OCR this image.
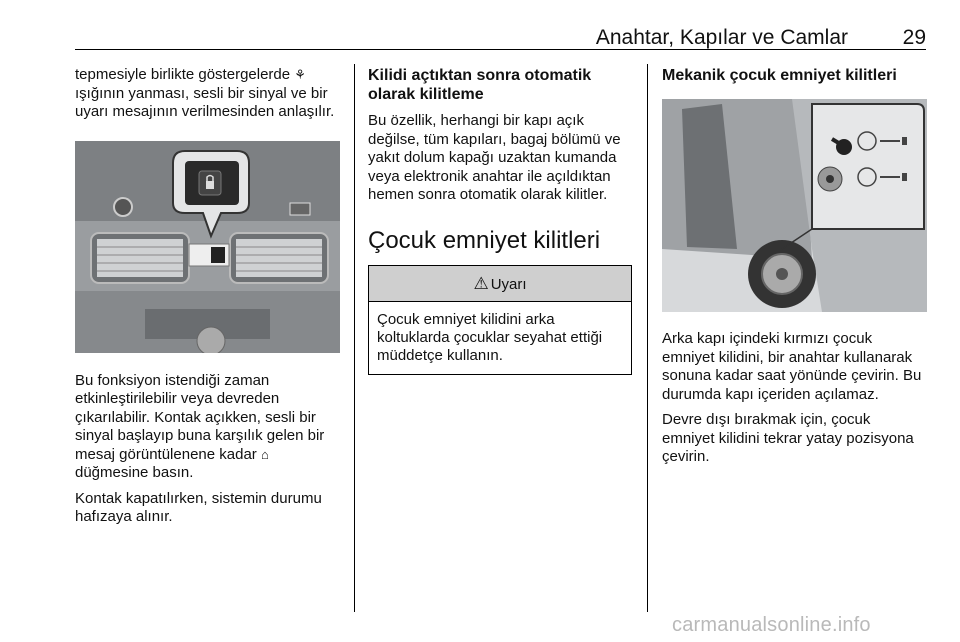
Anahtar, Kapılar ve Camlar	29

tepmesiyle birlikte göstergelerde ⚘
ışığının yanması, sesli bir sinyal ve bir uyarı mesajının verilmesinden anlaşılır.

Bu fonksiyon istendiği zaman etkinleştirilebilir veya devreden çıkarılabilir. Kontak açıkken, sesli bir sinyal başlayıp buna karşılık gelen bir mesaj görüntülenene kadar ⌂
düğmesine basın.

Kontak kapatılırken, sistemin durumu hafızaya alınır.

Kilidi açtıktan sonra otomatik olarak kilitleme

Bu özellik, herhangi bir kapı açık değilse, tüm kapıları, bagaj bölümü ve yakıt dolum kapağı uzaktan kumanda veya elektronik anahtar ile açıldıktan hemen sonra otomatik olarak kilitler.

Çocuk emniyet kilitleri
⚠ Uyarı
Çocuk emniyet kilidini arka koltuklarda çocuklar seyahat ettiği müddetçe kullanın.
Mekanik çocuk emniyet kilitleri

Arka kapı içindeki kırmızı çocuk emniyet kilidini, bir anahtar kullanarak sonuna kadar saat yönünde çevirin. Bu durumda kapı içeriden açılamaz.

Devre dışı bırakmak için, çocuk emniyet kilidini tekrar yatay pozisyona çevirin.

carmanualsonline.info
